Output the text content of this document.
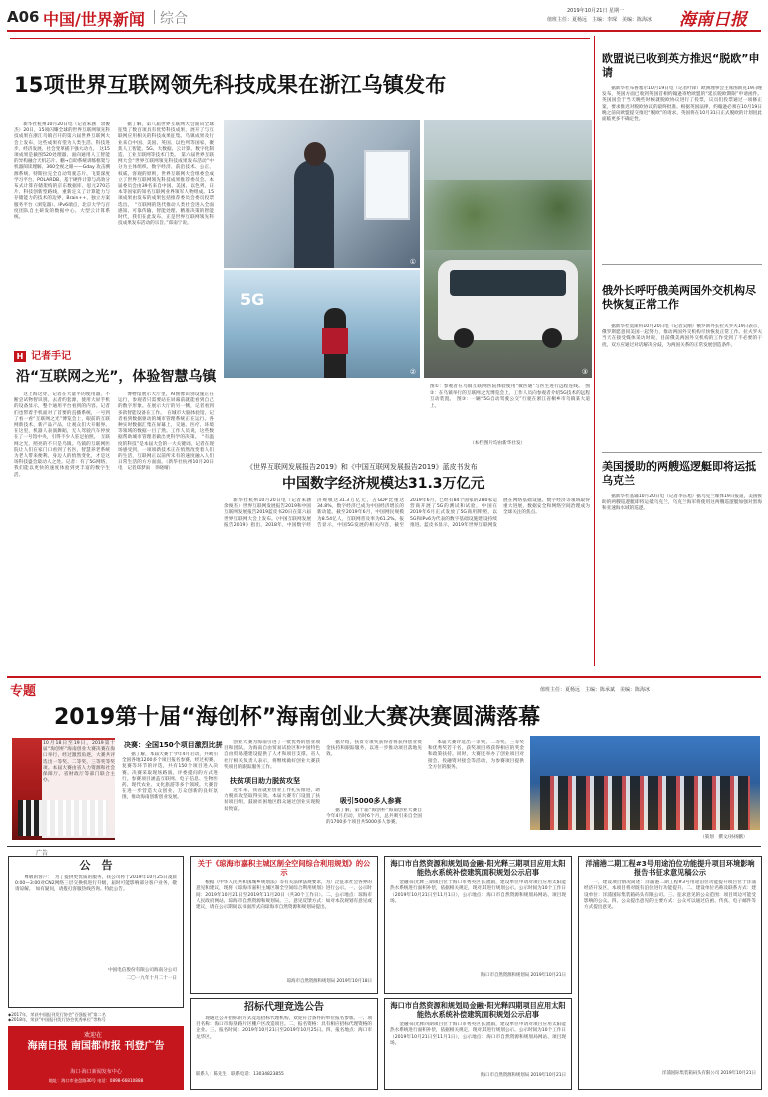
A06 中国/世界新闻 综合	2019年10月21日 星期一
值班主任：夏杨远　主编：李琛　美编：陈海冰 海南日报
15项世界互联网领先科技成果在浙江乌镇发布

新华社杭州10月20日电（记者朱涵　余俊杰）20日，15项闪耀全球的世界互联网领先科技成果在浙江乌镇召开的第六届世界互联网大会上发布，这些成果有望为人类生活、科技进步、经济发展、社会变革插下强大动力。　这15项成果是截图520处理器、面向通用人工智能的异构融合天机芯片、鹏→自助系统训练框架与机器阅读理解、360全视之眼——Gday 攻击溯源系统、特斯拉完全自动驾驶芯片、飞桨深度学习平台、POLARDB、基于硬件计算与高效分布式计算存储架构的京东数据库、思元270芯片、科技创新型路线，重新定义了计算能力与存储能力的技术的边界，Brain++、独立方案服务平台（浏览器）、IPv6端点，北京大学与百度团队自主研发的数据中心、大型云计算系统。

据了解，第八届世界互联网大会面向全球征集了数百项具有优势科技成果，展开了与互联网应用相关的科技成果征集。乌镇成果及行业来自中国、美国、英国、以色列等国家，聚焦人工智能、5G、大数据、云计算、数字化制造、工业互联网等技术门类。　第六届世界互联网大会“世界互联网领先科技成果发布活动”中分为主体组织、数字经济、前沿技术、公正、权威、客观的原则，世界互联网大会组委会成立了世界互联网领先科技成果推荐委员会。本届委员会由39名来自中国、美国、以色列、日本等国家的知名互联网业界领军人物组成。15项成果由发布的成果包括推荐委员会委员投票选出。　“互联网的迭代推动人类社会进入全面感知、可靠传输、智能处理、精准决策的智能时代，我们在此发布，正是世界互联网领先科技成果发布活动的宗旨。”郑南宁说。

①
5G
②	③
H 记者手记
沿“互联网之光”，体验智慧乌镇

这上海这穿，记者在大量平的使用器，不断尝试物智识别。去者约套源，使用大屏手机的设备显示，整个通用平台看到的内容。记者们也带着手机面对了首要的直播系统，一号到了看一看“互联网之光”博览会上，眼前的互联网新技术、新产品产品，让观众们大开眼界。在这里，机器人表演舞蹈，无人驾驶汽车停放在了一号馆中央，引得不少人驻足拍照。　互联网之光，照亮的不只是乌镇。乌镇的互联网医院让人们在家门口看到了名医，智慧养老系统为老人带来便利。身边人的悄然变化，才是这场科技盛会最动人之处。记者：有了5G网络，我们能以更快的速度体验到更丰富的数字生活。

博物馆展示大厅里，AI图像识别设施正在运行，参观者只需要站在屏幕前就能看到自己的数字形象。在展示大厅的另一侧，记者看到多款智能设备在工作。　在城市大脑体验馆，记者看到数据驱动的城市管理系统正在运行。各种实时数据汇集在屏幕上，交通、医疗、环境等领域的数据一目了然。工作人员说，这些数据帮助城市管理者做出更科学的决策。　“有温度的科技”是本届大会的一大关键词。记者在现场感受到，一项项新技术正在悄然改变着人们的生活，互联网正以前所未有的速度融入人们日常生活的方方面面。（新华社杭州10月20日电　记者郑梦雨　李晓晴）

图①：参观者在乌镇互联网医院体验使用“微医通”与医生进行远程连线。　图②：在乌镇举行的互联网之光博览会上，工作人员向参观者介绍5G技术的远程互动装置。　图③：一辆“5G自动驾驶公交”行驶在浙江省桐乡市乌镇某大道上。
（本栏图片均由新华社发）
《世界互联网发展报告2019》和《中国互联网发展报告2019》蓝皮书发布
中国数字经济规模达31.3万亿元

新华社杭州10月20日电（记者朱涵　余俊杰）世界互联网发展报告2019和中国互联网发展报告2019蓝皮书20日在第六届世界互联网大会上发布。《中国互联网发展报告2019》指出，2018年，中国数字经济规模达31.3万亿元，占GDP比重达34.8%，数字经济已成为中国经济增长的新动能。截至2019年6月，中国网民规模为8.54亿人，互联网普及率为61.2%。报告显示，中国5G发展的相关内容，截至2019年6月，已经有84个国家的280家运营商开展了5G的测试和试验，中国在2019年6月正式发放了5G商用牌照，以5G和IPv6为代表的数字基础设施建设持续推进。蓝皮书显示，2019年世界互联网发展在网络基础设施、数字经济等领域取得重大进展，数据安全和网络空间治理成为全球关注的焦点。

欧盟说已收到英方推迟“脱欧”申请

据新华社布鲁塞尔10月19日电（记者叶锋）欧洲理事会主席图斯克19日晚发布，英国方面已收到英国首相约翰逊寄给欧盟的“延长脱欧期限”申请函件。英国国会于当天晚些时候就脱欧协议进行了投票，议员们投票通过一项修正案，要求推迟对脱欧协议的最终批准。根据英国法律，约翰逊必须在10月19日晚之前向欧盟提交推迟“脱欧”的请求。英国将在10月31日正式脱欧的计划因此面临更多不确定性。

俄外长呼吁俄美两国外交机构尽快恢复正常工作

据新华社莫斯科10月20日电（记者吴刚）俄罗斯外长拉夫罗夫19日表示，俄罗斯愿意同美国一起努力，推动两国外交机构尽快恢复正常工作。拉夫罗夫当天在接受媒体采访时说，目前俄美两国外交机构的工作受到了不必要的干扰，双方应通过对话解决分歧，为两国关系的正常发展创造条件。

美国援助的两艘巡逻艇即将运抵乌克兰

据新华社基辅10月20日电（记者李东旭）据乌克兰媒体19日报道，美国援助的两艘巡逻艇即将运抵乌克兰，乌克兰海军将使用这两艘巡逻艇加强对黑海和亚速海水域的巡逻。

专题	值班主任：夏杨远　主编：陈承斌　美编：陈海冰
2019第十届“海创杯”海南创业大赛决赛圆满落幕
10月18日至19日，2019第十届“海创杯”海南创业大赛决赛在海口举行，经过激烈角逐，大赛共评选出一等奖、二等奖、三等奖等奖项。本届大赛由省人力资源和社会保障厅、省财政厅等部门联合主办。
决赛：全国150个项目激烈比拼

据了解，本届大赛于今年4月启动，共吸引全国各地1200多个项目报名参赛，经过初赛、复赛等环节的评选，共有150个项目进入决赛。决赛采取现场路演、评委提问的方式进行。参赛项目涵盖互联网、电子信息、生物医药、现代农业、文化旅游等多个领域。大赛旨在进一步营造大众创业、万众创新的良好氛围，推动海南创新创业发展。

创业大赛为海南引进了一批优秀的创业项目和团队，为海南自由贸易试验区和中国特色自由贸易港建设提供了人才和项目支撑。省人社厅相关负责人表示，将继续做好创业大赛获奖项目的跟踪服务工作。

扶贫项目助力脱贫攻坚

近年来，我省就业创业工作扎实推进，助力脱贫攻坚取得实效。本届大赛专门设置了扶贫项目组，鼓励贫困地区群众通过创业实现脱贫致富。

据介绍，扶贫专项奖获得者将获得创业资金扶持和跟踪服务，以进一步推动项目落地见效。

吸引5000多人参赛

据了解，第十届“海创杯”海南创业大赛自今年4月启动，历时6个月，总共吸引来自全国的1700多个项目共5000多人参赛。

本届大赛评选出一等奖、二等奖、三等奖和优秀奖若干名，获奖项目将获得相应的奖金和政策扶持。同时，大赛还举办了创业项目对接会、投融资对接会等活动，为参赛项目提供全方位的服务。

（策划　撰文/孙扬鹏）
广告
公　告

尊敬的客户：　为了提供更优质的服务，我公司将于2019年10月25日凌晨0:00—3:00对CN2网络三层交换机进行升级，届时可能影响部分客户业务，敬请谅解。　如有疑问，请拨打客服热线咨询。特此公告。

中国电信股份有限公司海南分公司
二〇一九年十月二十一日
◆2017年，荣获中国报刊发行协会“百强报刊”第二名
◆2018年，荣获“中国报刊发行协会优秀单位”等称号
欢迎在
海南日报 南国都市报 刊登广告
海口·海口新闻发布中心
地址：海口市金盘路30号 电话：0898-66810888
关于《琼海市嘉积主城区制全空间综合利用规划》的公示

根据《中华人民共和国城乡规划法》等有关法律法规要求，为广泛征求社会各界的意见和建议，现将《琼海市嘉积主城区制全空间综合利用规划》进行公示。一、公示时间：2019年10月21日至2019年11月20日（共30个工作日）。二、公示地点：琼海市人民政府网站、琼海市自然资源和规划局。三、意见反馈方式：如对本次规划有意见或建议，请在公示期间以书面形式向琼海市自然资源和规划局提出。

琼海市自然资源和规划局 2019年10月18日
海口市自然资源和规划局金融·阳光释三期项目应用太阳能热水系统补偿建筑面积规划公示启事

金融·阳光释三期项目位于海口市秀英区长流镇，建设单位申请对项目应用太阳能热水系统进行面积补偿，依据相关规定，现对其进行规划公示。公示时间为10个工作日（2019年10月21日至11月1日），公示地点：海口市自然资源和规划局网站、项目现场。

海口市自然资源和规划局 2019年10月21日
洋浦港二期工程#3号用途泊位功能提升项目环境影响报告书征求意见稿公示

一、建设项目情况简述：洋浦港二期工程#3号用途泊位功能提升项目位于洋浦经济开发区，本项目将对既有泊位进行功能提升。二、建设单位名称及联系方式：建设单位：洋浦国际集装箱码头有限公司。三、征求意见的公众范围：项目周边可能受影响的公众。四、公众提出意见的主要方式：公众可以通过信函、传真、电子邮件等方式提出意见。

洋浦国际集装箱码头有限公司 2019年10月21日
招标代理竞选公告

现通过公开招标的方式竞选招标代理机构，欢迎符合条件的单位报名参加。一、项目名称：海口市海垦路片区棚户区改造项目。二、报名资格：具有相应招标代理资格的企业。三、报名时间：2019年10月21日至2019年10月25日。四、报名地点：海口市龙华区。

联系人：陈先生　联系电话：13034823855
海口市自然资源和规划局金融·阳光释四期项目应用太阳能热水系统补偿建筑面积规划公示启事

金融·阳光释四期项目位于海口市秀英区长流镇，建设单位申请对项目应用太阳能热水系统进行面积补偿，依据相关规定，现对其进行规划公示。公示时间为10个工作日（2019年10月21日至11月1日），公示地点：海口市自然资源和规划局网站、项目现场。

海口市自然资源和规划局 2019年10月21日
